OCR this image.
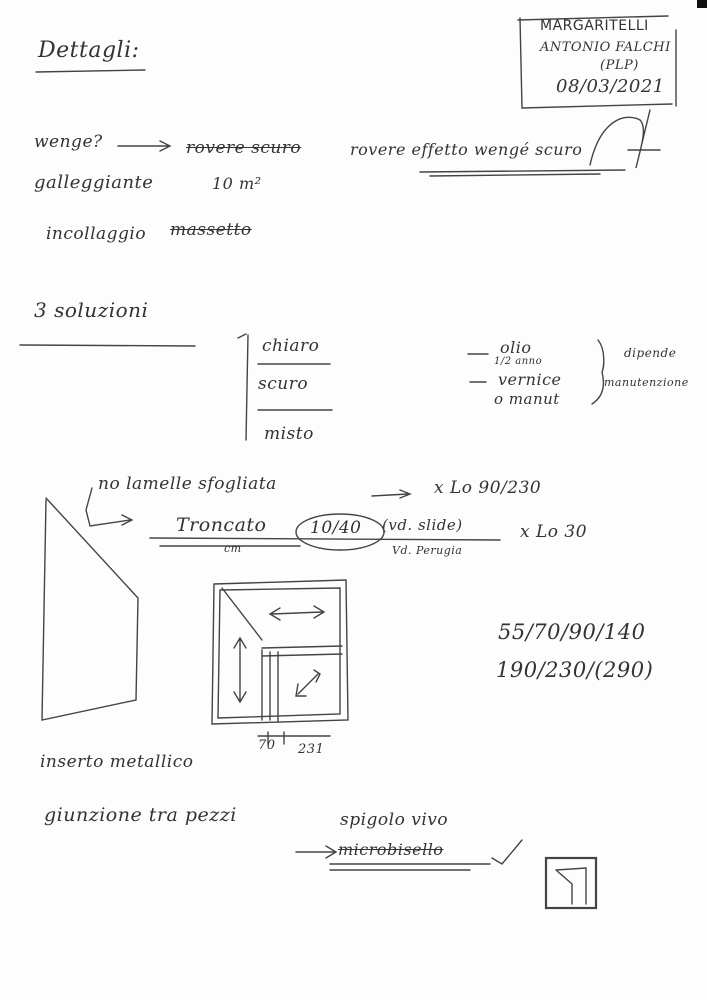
Dettagli:
MARGARITELLI
ANTONIO FALCHI
(PLP)
08/03/2021
wenge?	rovere scuro	rovere effetto wengé scuro
galleggiante	10 m²
incollaggio massetto
3 soluzioni
chiaro
scuro
misto
olio
1/2 anno
vernice
o manut
dipende
manutenzione
no lamelle sfogliata	x Lo 90/230
Troncato	10/40 (vd. slide)
cm	Vd. Perugia
x Lo 30
55/70/90/140
190/230/(290)
70 231
inserto metallico
giunzione tra pezzi	spigolo vivo
microbisello
